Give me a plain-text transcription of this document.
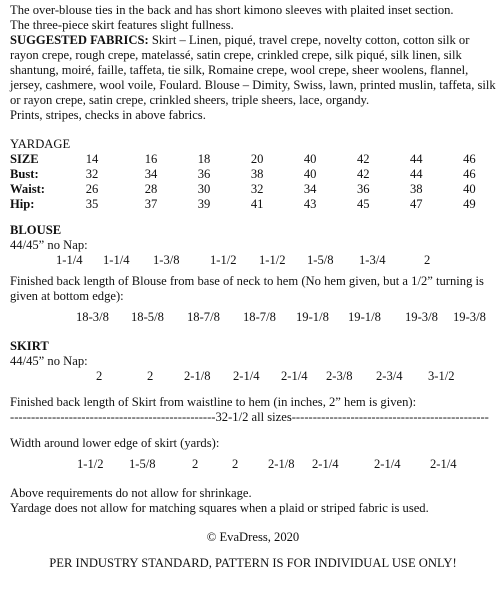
The over-blouse ties in the back and has short kimono sleeves with plaited inset section.

The three-piece skirt features slight fullness.

SUGGESTED FABRICS: Skirt – Linen, piqué, travel crepe, novelty cotton, cotton silk or rayon crepe, rough crepe, matelassé, satin crepe, crinkled crepe, silk piqué, silk linen, silk shantung, moiré, faille, taffeta, tie silk, Romaine crepe, wool crepe, sheer woolens, flannel, jersey, cashmere, wool voile, Foulard. Blouse – Dimity, Swiss, lawn, printed muslin, taffeta, silk or rayon crepe, satin crepe, crinkled sheers, triple sheers, lace, organdy.

Prints, stripes, checks in above fabrics.

YARDAGE

SIZE	14	16	18	20	40	42	44	46
Bust:	32	34	36	38	40	42	44	46
Waist:	26	28	30	32	34	36	38	40
Hip:	35	37	39	41	43	45	47	49

BLOUSE

44/45” no Nap:

1-1/4 1-1/4 1-3/8 1-1/2 1-1/2 1-5/8 1-3/4	2

Finished back length of Blouse from base of neck to hem (No hem given, but a 1/2” turning is given at bottom edge):

18-3/8 18-5/8 18-7/8 18-7/8 19-1/8 19-1/8 19-3/8 19-3/8

SKIRT

44/45” no Nap:

2	2 2-1/8 2-1/4 2-1/4 2-3/8 2-3/4 3-1/2

Finished back length of Skirt from waistline to hem (in inches, 2” hem is given):

-------------------------------------------------32-1/2 all sizes-----------------------------------------------

Width around lower edge of skirt (yards):

1-1/2 1-5/8	2	2 2-1/8 2-1/4	2-1/4 2-1/4

Above requirements do not allow for shrinkage.

Yardage does not allow for matching squares when a plaid or striped fabric is used.

© EvaDress, 2020

PER INDUSTRY STANDARD, PATTERN IS FOR INDIVIDUAL USE ONLY!
